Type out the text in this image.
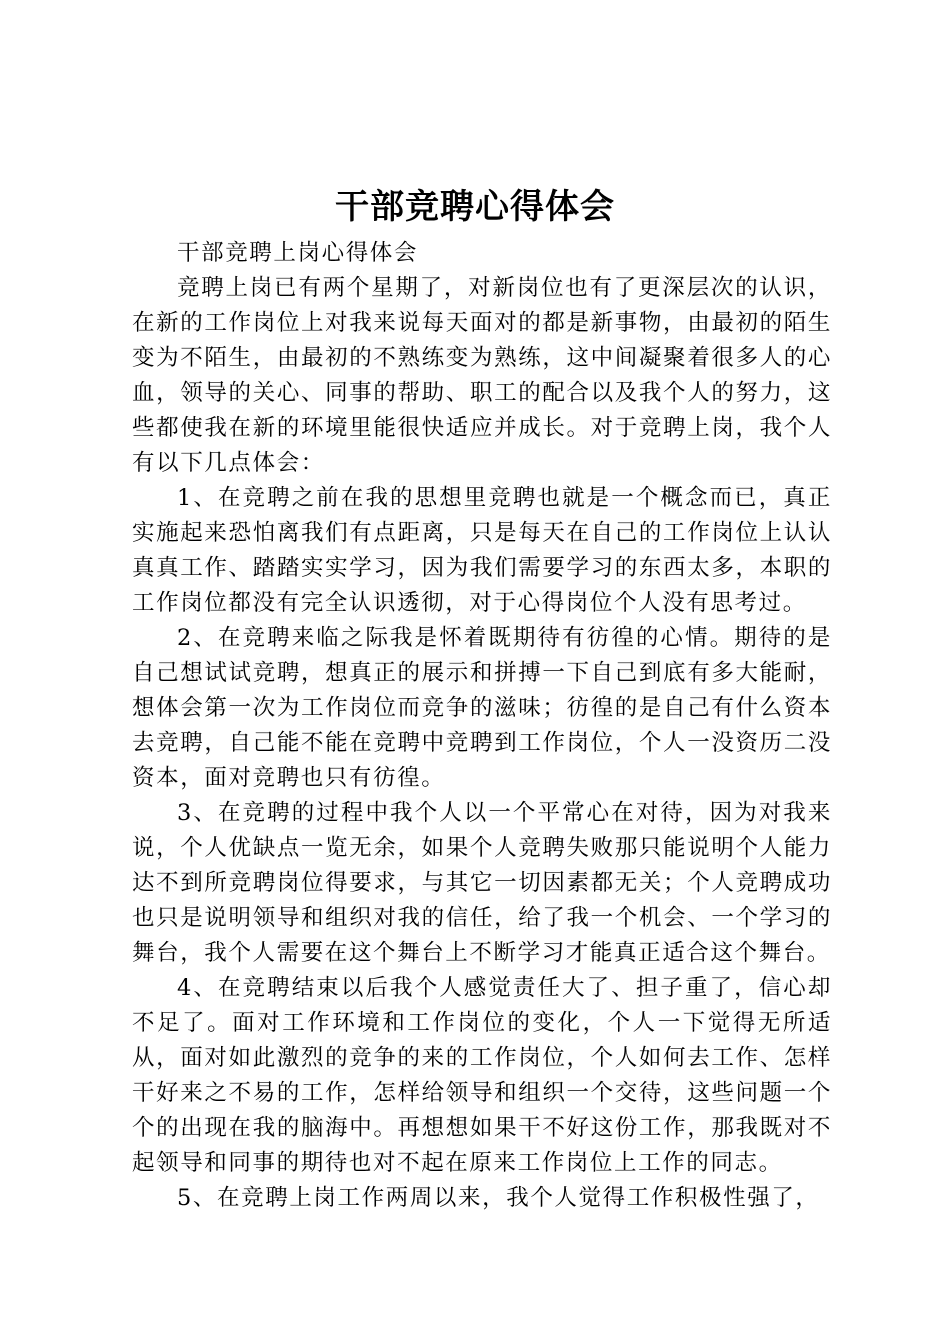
干部竞聘心得体会

干部竞聘上岗心得体会

竞聘上岗已有两个星期了，对新岗位也有了更深层次的认识，在新的工作岗位上对我来说每天面对的都是新事物，由最初的陌生变为不陌生，由最初的不熟练变为熟练，这中间凝聚着很多人的心血，领导的关心、同事的帮助、职工的配合以及我个人的努力，这些都使我在新的环境里能很快适应并成长。对于竞聘上岗，我个人有以下几点体会：

1、在竞聘之前在我的思想里竞聘也就是一个概念而已，真正实施起来恐怕离我们有点距离，只是每天在自己的工作岗位上认认真真工作、踏踏实实学习，因为我们需要学习的东西太多，本职的工作岗位都没有完全认识透彻，对于心得岗位个人没有思考过。

2、在竞聘来临之际我是怀着既期待有彷徨的心情。期待的是自己想试试竞聘，想真正的展示和拼搏一下自己到底有多大能耐，想体会第一次为工作岗位而竞争的滋味；彷徨的是自己有什么资本去竞聘，自己能不能在竞聘中竞聘到工作岗位，个人一没资历二没资本，面对竞聘也只有彷徨。

3、在竞聘的过程中我个人以一个平常心在对待，因为对我来说，个人优缺点一览无余，如果个人竞聘失败那只能说明个人能力达不到所竞聘岗位得要求，与其它一切因素都无关；个人竞聘成功也只是说明领导和组织对我的信任，给了我一个机会、一个学习的舞台，我个人需要在这个舞台上不断学习才能真正适合这个舞台。

4、在竞聘结束以后我个人感觉责任大了、担子重了，信心却不足了。面对工作环境和工作岗位的变化，个人一下觉得无所适从，面对如此激烈的竞争的来的工作岗位，个人如何去工作、怎样干好来之不易的工作，怎样给领导和组织一个交待，这些问题一个个的出现在我的脑海中。再想想如果干不好这份工作，那我既对不起领导和同事的期待也对不起在原来工作岗位上工作的同志。

5、在竞聘上岗工作两周以来，我个人觉得工作积极性强了，
